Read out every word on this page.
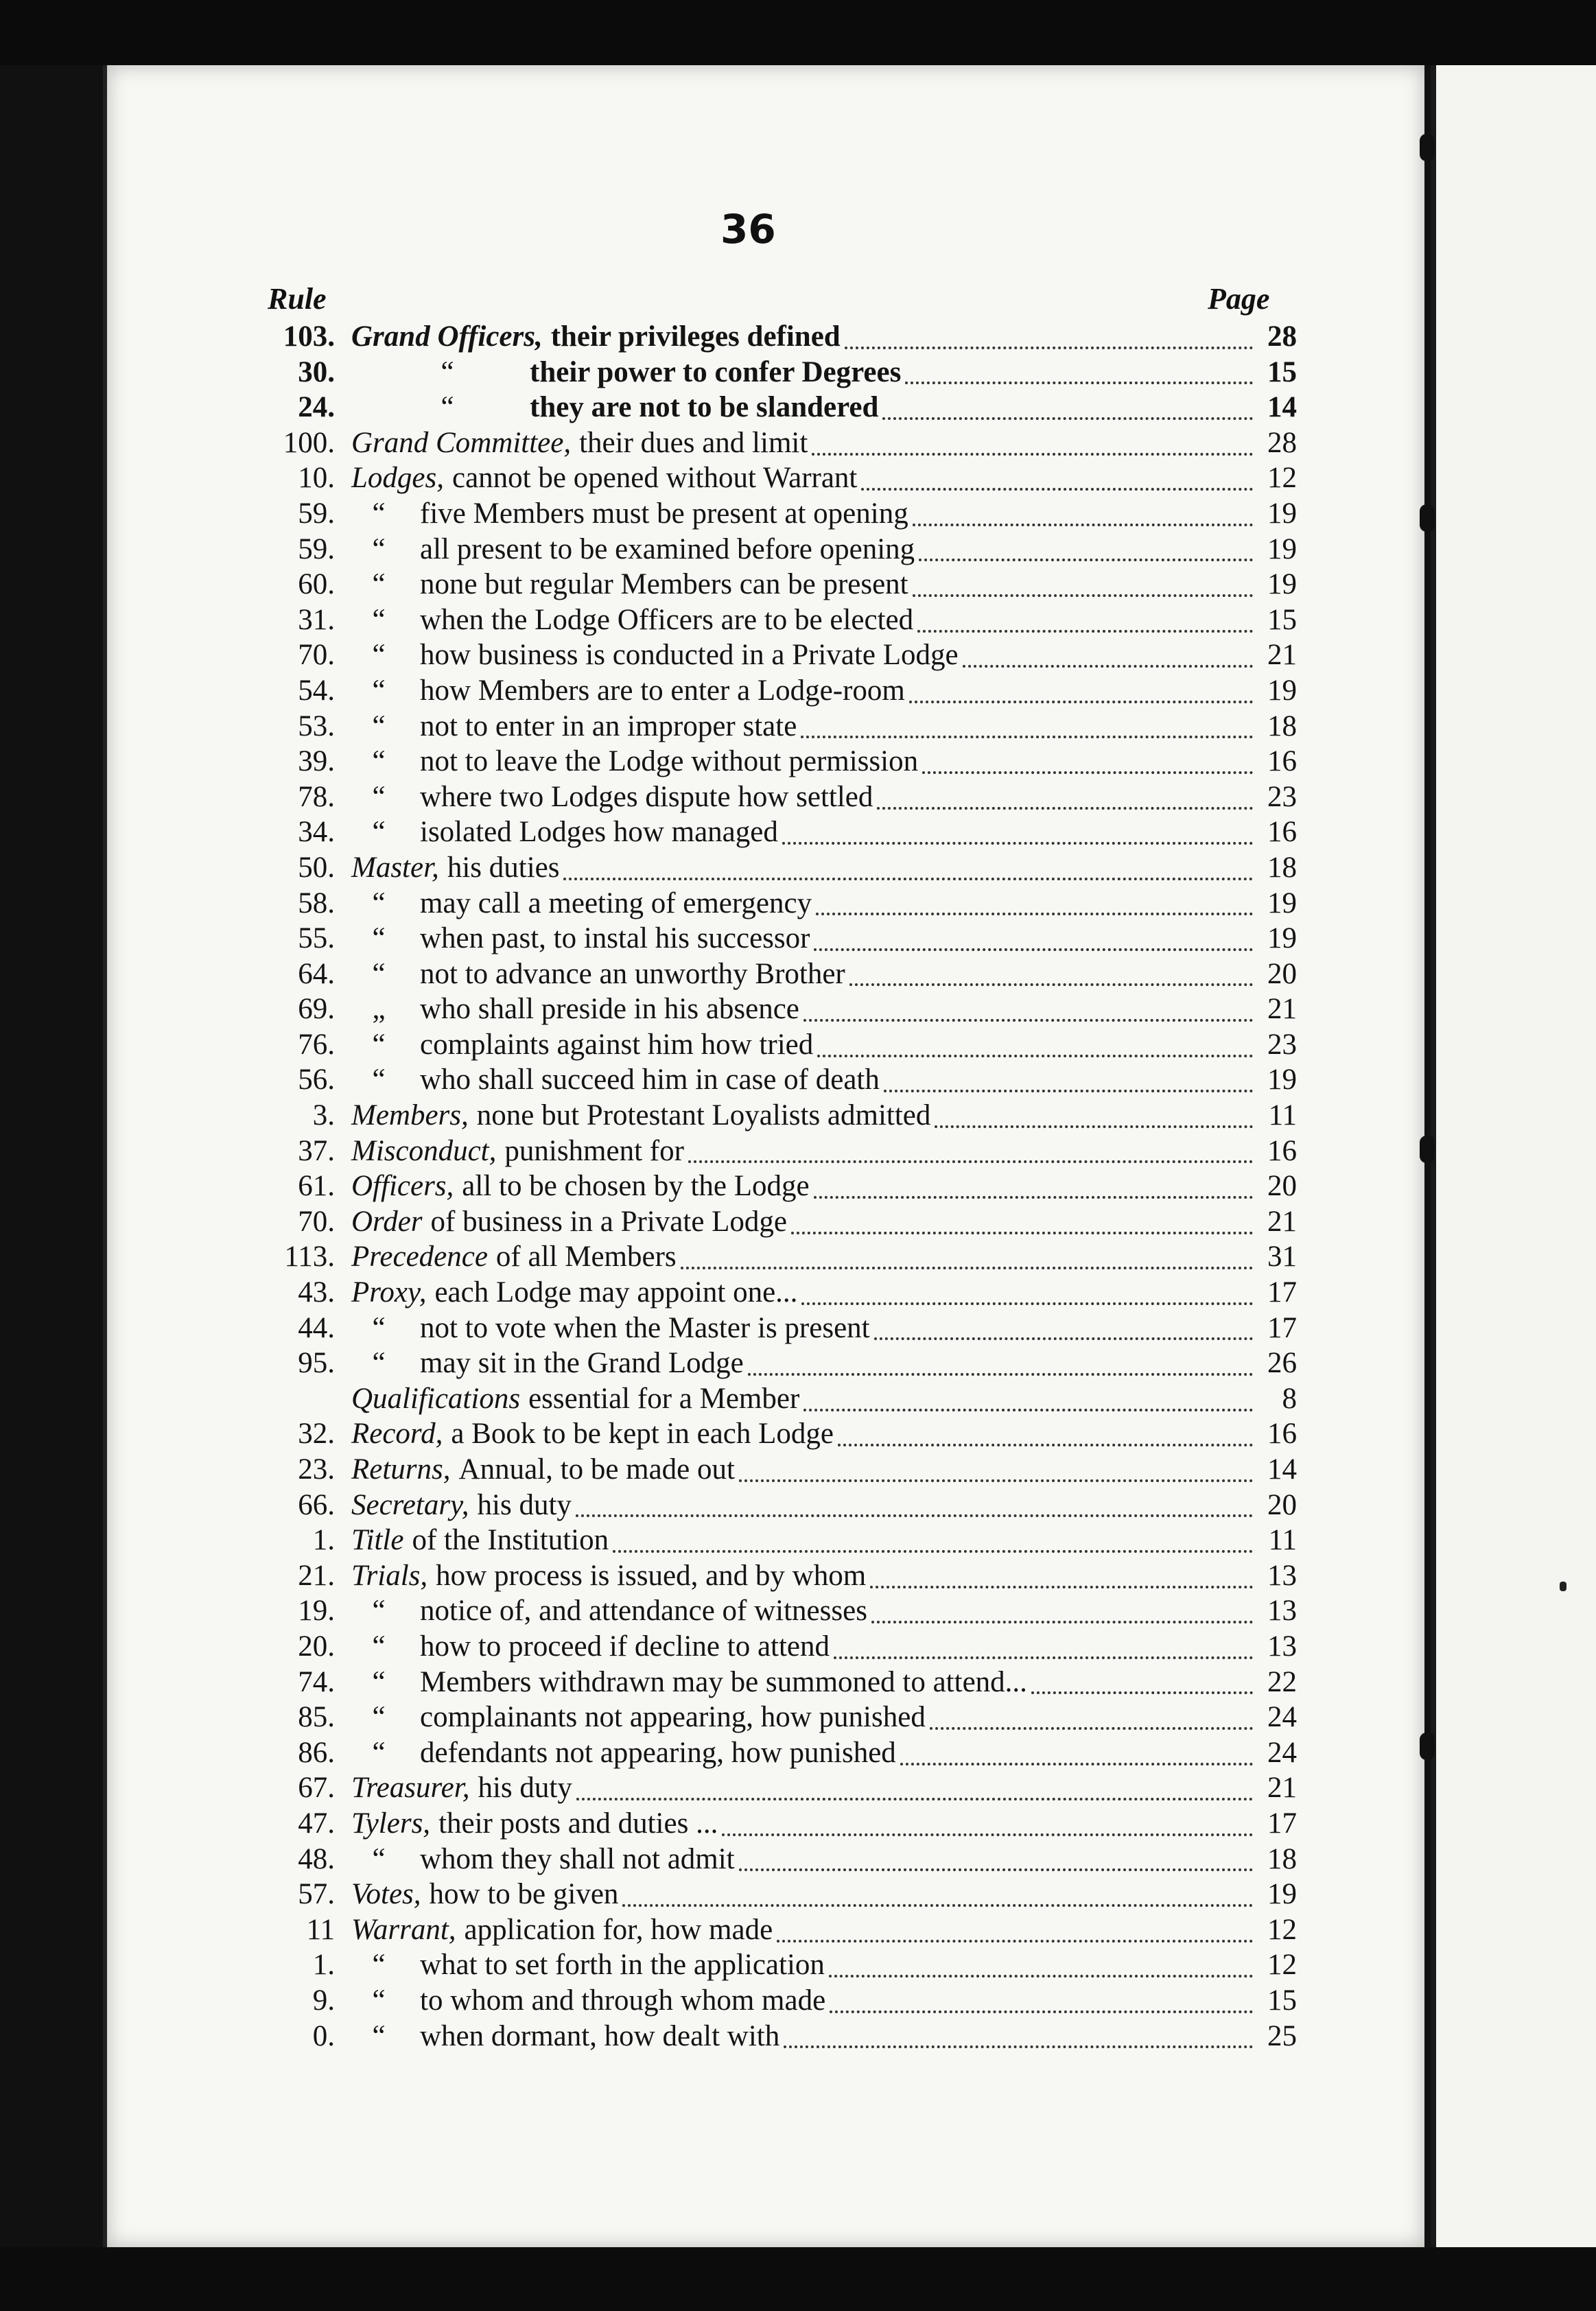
36
Rule	Page
103. Grand Officers, their privileges defined	28
30.	“	their power to confer Degrees	15
24.	“	they are not to be slandered	14
100. Grand Committee, their dues and limit	28
10. Lodges, cannot be opened without Warrant	12
59.	“	five Members must be present at opening	19
59.	“	all present to be examined before opening	19
60.	“	none but regular Members can be present	19
31.	“	when the Lodge Officers are to be elected	15
70.	“	how business is conducted in a Private Lodge	21
54.	“	how Members are to enter a Lodge-room	19
53.	“	not to enter in an improper state	18
39.	“	not to leave the Lodge without permission	16
78.	“	where two Lodges dispute how settled	23
34.	“	isolated Lodges how managed	16
50. Master, his duties	18
58.	“	may call a meeting of emergency	19
55.	“	when past, to instal his successor	19
64.	“	not to advance an unworthy Brother	20
69.	„	who shall preside in his absence	21
76.	“	complaints against him how tried	23
56.	“	who shall succeed him in case of death	19
3. Members, none but Protestant Loyalists admitted	11
37. Misconduct, punishment for	16
61. Officers, all to be chosen by the Lodge	20
70. Order of business in a Private Lodge	21
113. Precedence of all Members	31
43. Proxy, each Lodge may appoint one...	17
44.	“	not to vote when the Master is present	17
95.	“	may sit in the Grand Lodge	26
Qualifications essential for a Member	8
32. Record, a Book to be kept in each Lodge	16
23. Returns, Annual, to be made out	14
66. Secretary, his duty	20
1. Title of the Institution	11
21. Trials, how process is issued, and by whom	13
19.	“	notice of, and attendance of witnesses	13
20.	“	how to proceed if decline to attend	13
74.	“	Members withdrawn may be summoned to attend...	22
85.	“	complainants not appearing, how punished	24
86.	“	defendants not appearing, how punished	24
67. Treasurer, his duty	21
47. Tylers, their posts and duties ...	17
48.	“	whom they shall not admit	18
57. Votes, how to be given	19
11 Warrant, application for, how made	12
1.	“	what to set forth in the application	12
9.	“	to whom and through whom made	15
0.	“	when dormant, how dealt with	25
